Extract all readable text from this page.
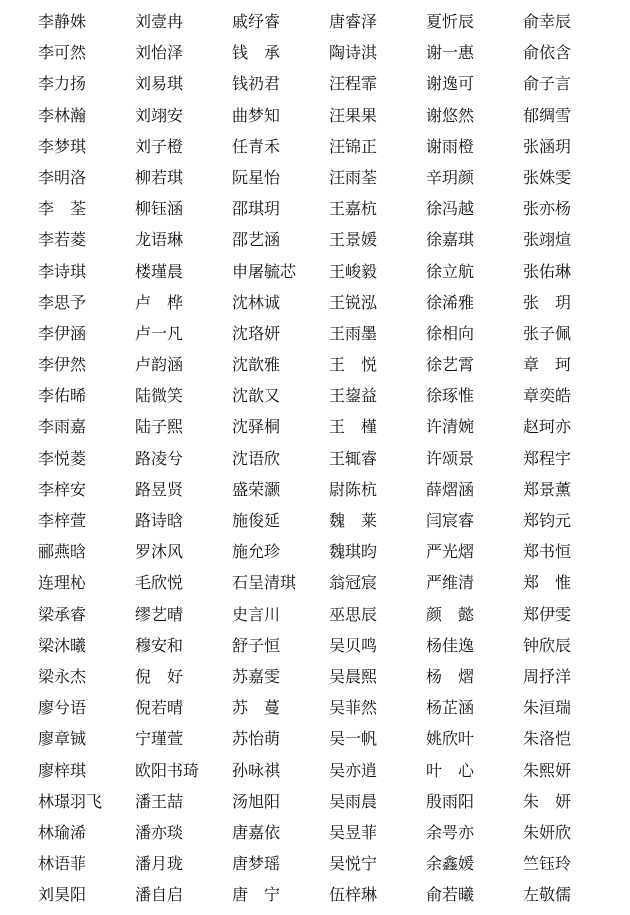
李静姝	刘壹冉	戚纾睿	唐睿泽	夏忻辰	俞幸辰
李可然	刘怡泽	钱　承	陶诗淇	谢一惠	俞依含
李力扬	刘易琪	钱礽君	汪程霏	谢逸可	俞子言
李林瀚	刘翊安	曲梦知	汪果果	谢悠然	郁绸雪
李梦琪	刘子橙	任青禾	汪锦正	谢雨橙	张涵玥
李明洛	柳若琪	阮星怡	汪雨荃	辛玥颜	张姝雯
李　荃	柳钰涵	邵琪玥	王嘉杭	徐冯越	张亦杨
李若菱	龙语琳	邵艺涵	王景媛	徐嘉琪	张翊煊
李诗琪	楼瑾晨	申屠毓芯	王峻毅	徐立航	张佑琳
李思予	卢　桦	沈林诚	王锐泓	徐浠雅	张　玥
李伊涵	卢一凡	沈珞妍	王雨墨	徐相向	张子佩
李伊然	卢韵涵	沈歆雅	王　悦	徐艺霄	章　珂
李佑晞	陆微笑	沈歆又	王鋆益	徐琢惟	章奕皓
李雨嘉	陆子熙	沈驿桐	王　槿	许清婉	赵珂亦
李悦菱	路凌兮	沈语欣	王辄睿	许颂景	郑程宇
李梓安	路昱贤	盛荣灏	尉陈杭	薛熠涵	郑景薰
李梓萱	路诗晗	施俊延	魏　莱	闫宸睿	郑钧元
郦燕晗	罗沐风	施允珍	魏琪昀	严光熠	郑书恒
连理杺	毛欣悦	石呈清琪	翁冠宸	严维清	郑　惟
梁承睿	缪艺晴	史言川	巫思辰	颜　懿	郑伊雯
梁沐曦	穆安和	舒子恒	吴贝鸣	杨佳逸	钟欣辰
梁永杰	倪　好	苏嘉雯	吴晨熙	杨　熠	周抒洋
廖兮语	倪若晴	苏　蔓	吴菲然	杨芷涵	朱洹瑞
廖章铖	宁瑾萱	苏怡萌	吴一帆	姚欣叶	朱洛恺
廖梓琪	欧阳书琦	孙咏祺	吴亦逍	叶　心	朱熙妍
林璟羽飞	潘王喆	汤旭阳	吴雨晨	殷雨阳	朱　妍
林瑜浠	潘亦琰	唐嘉依	吴昱菲	余咢亦	朱妍欣
林语菲	潘月珑	唐梦瑶	吴悦宁	余鑫媛	竺钰玲
刘昊阳	潘自启	唐　宁	伍梓琳	俞若曦	左敬儒
